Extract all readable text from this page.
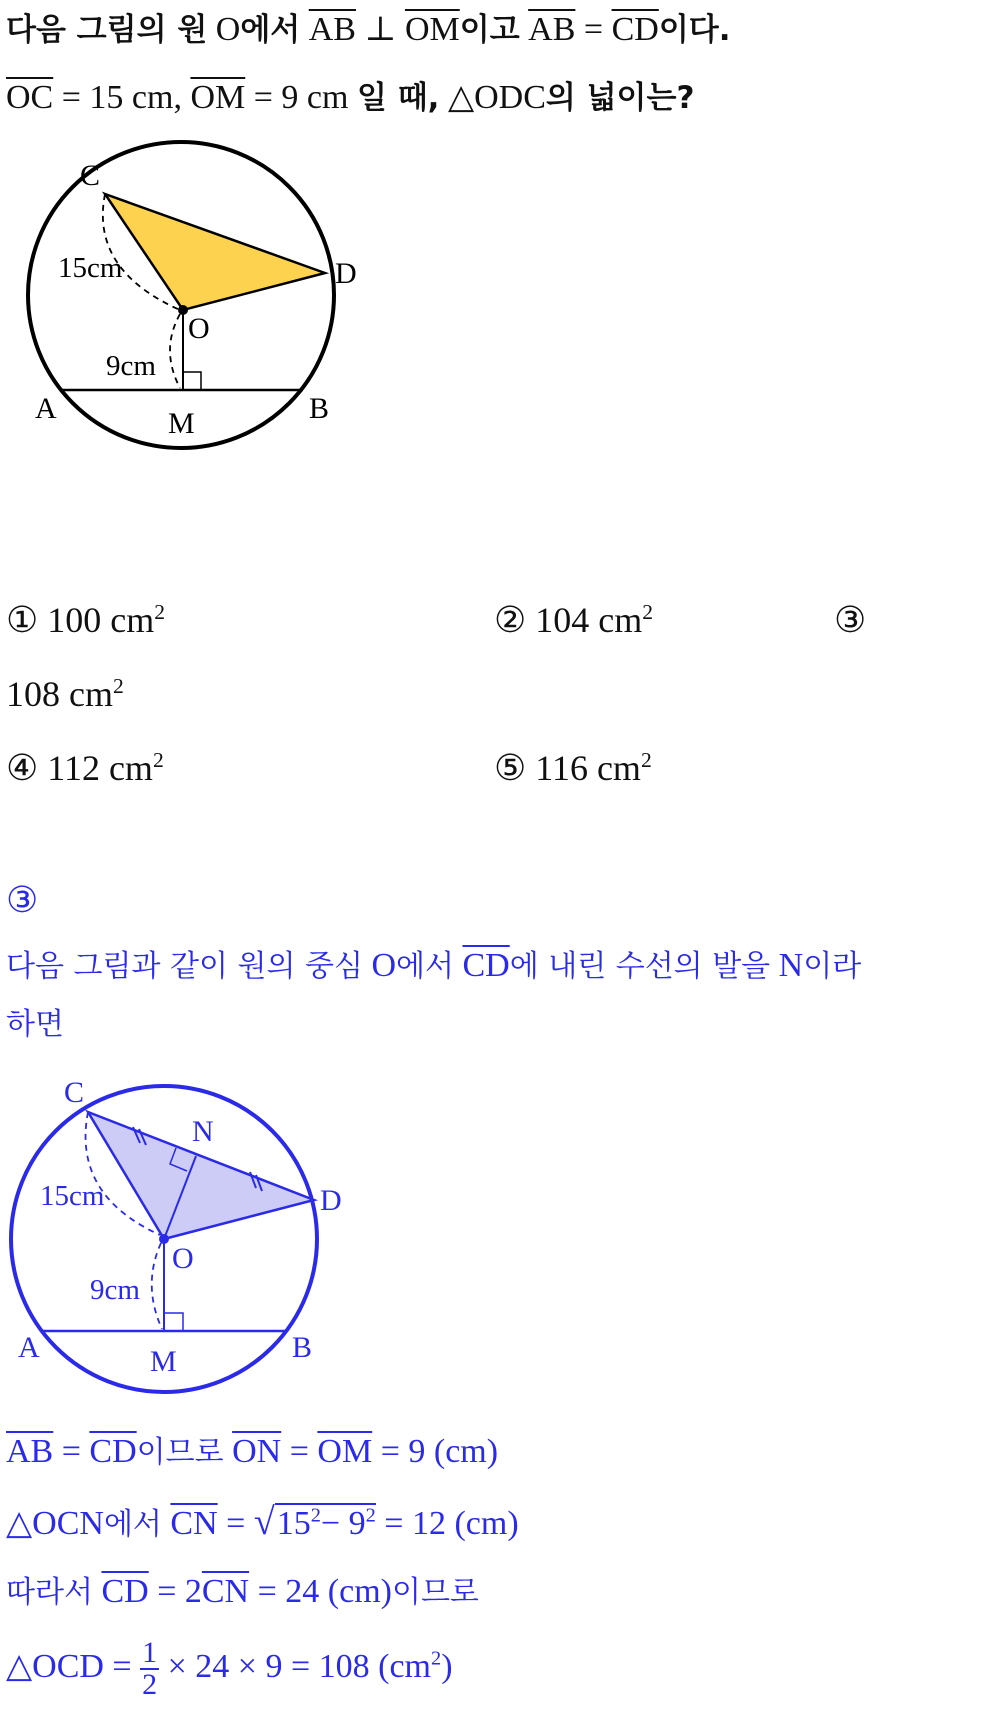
다음 그림의 원 O에서 $\overline{AB}$ ⊥ $\overline{OM}$이고 $\overline{AB} = \overline{CD}$이다.
$\overline{OC} = 15$ cm, $\overline{OM} = 9$ cm 일 때, △ODC의 넓이는?
C
D
O
A	M	B
15cm
9cm
① 100 $cm^2$	② 104 $cm^2$	③
108 $cm^2$
④ 112 $cm^2$	⑤ 116 $cm^2$
③
다음 그림과 같이 원의 중심 O에서 $\overline{CD}$에 내린 수선의 발을 N이라
하면
C
N
D
O
A	M	B
15cm
9cm
$\overline{AB} = \overline{CD}$이므로 $\overline{ON} = \overline{OM} = 9$ (cm)
△OCN에서 $\overline{CN} = √15^2- 9^2 = 12$ (cm)
따라서 $\overline{CD} = 2\overline{CN} = 24$ (cm)이므로
△OCD = $\frac{1}{2} \times 24 \times 9 = 108$ $(cm^2)$
